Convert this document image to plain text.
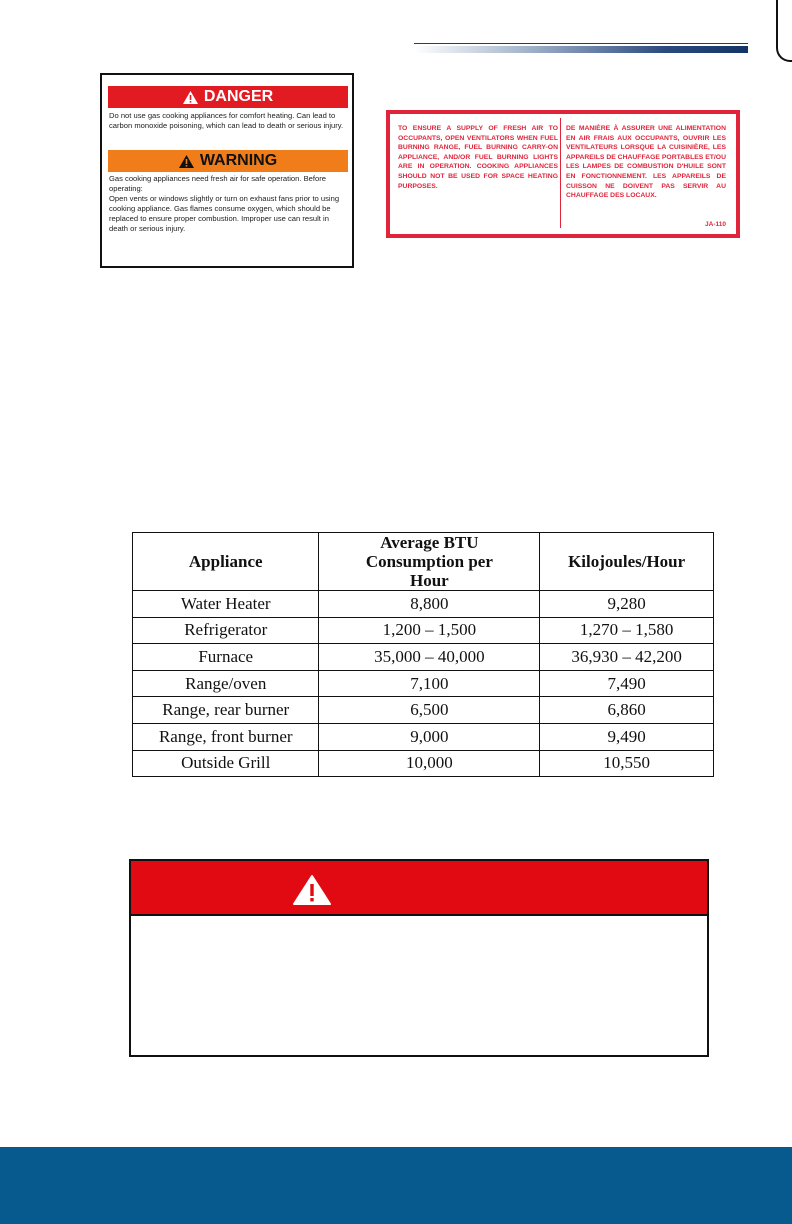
DANGER
Do not use gas cooking appliances for comfort heating. Can lead to carbon monoxide poisoning, which can lead to death or serious injury.
WARNING
Gas cooking appliances need fresh air for safe operation. Before operating:
Open vents or windows slightly or turn on exhaust fans prior to using cooking appliance. Gas flames consume oxygen, which should be replaced to ensure proper combustion. Improper use can result in death or serious injury.
TO ENSURE A SUPPLY OF FRESH AIR TO OCCUPANTS, OPEN VENTILATORS WHEN FUEL BURNING RANGE, FUEL BURNING CARRY-ON APPLIANCE, AND/OR FUEL BURNING LIGHTS ARE IN OPERATION. COOKING APPLIANCES SHOULD NOT BE USED FOR SPACE HEATING PURPOSES.
DE MANIÈRE À ASSURER UNE ALIMENTATION EN AIR FRAIS AUX OCCUPANTS, OUVRIR LES VENTILATEURS LORSQUE LA CUISINIÈRE, LES APPAREILS DE CHAUFFAGE PORTABLES ET/OU LES LAMPES DE COMBUSTION D'HUILE SONT EN FONCTIONNEMENT. LES APPAREILS DE CUISSON NE DOIVENT PAS SERVIR AU CHAUFFAGE DES LOCAUX.
JA-110
Appliance	Average BTU Consumption per Hour	Kilojoules/Hour
Water Heater	8,800	9,280
Refrigerator	1,200 – 1,500	1,270 – 1,580
Furnace	35,000 – 40,000	36,930 – 42,200
Range/oven	7,100	7,490
Range, rear burner	6,500	6,860
Range, front burner	9,000	9,490
Outside Grill	10,000	10,550
